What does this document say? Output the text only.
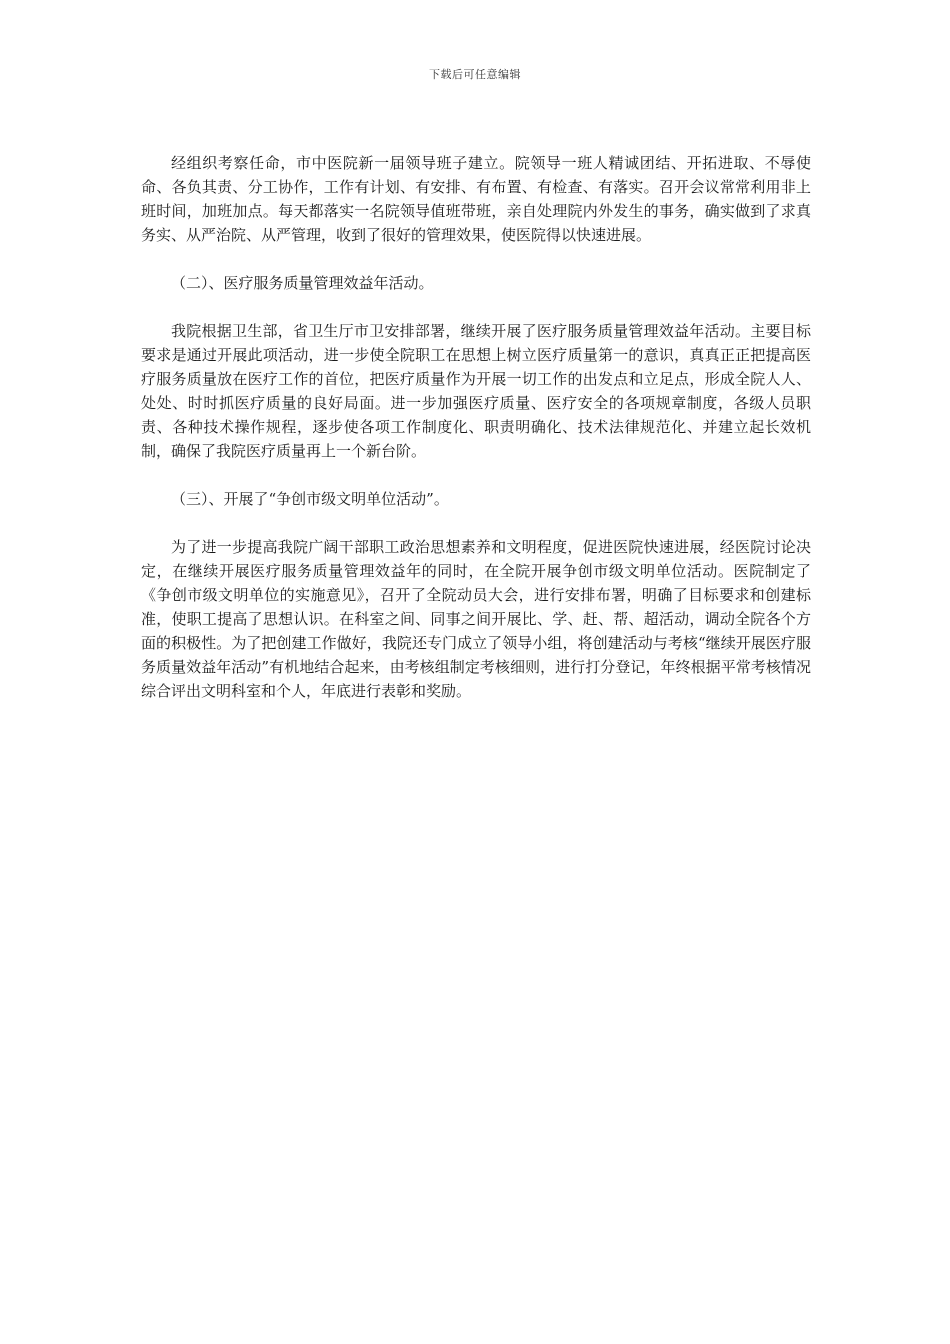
下载后可任意编辑

经组织考察任命，市中医院新一届领导班子建立。院领导一班人精诚团结、开拓进取、不辱使命、各负其责、分工协作，工作有计划、有安排、有布置、有检查、有落实。召开会议常常利用非上班时间，加班加点。每天都落实一名院领导值班带班，亲自处理院内外发生的事务，确实做到了求真务实、从严治院、从严管理，收到了很好的管理效果，使医院得以快速进展。

（二）、医疗服务质量管理效益年活动。

我院根据卫生部，省卫生厅市卫安排部署，继续开展了医疗服务质量管理效益年活动。主要目标要求是通过开展此项活动，进一步使全院职工在思想上树立医疗质量第一的意识，真真正正把提高医疗服务质量放在医疗工作的首位，把医疗质量作为开展一切工作的出发点和立足点，形成全院人人、处处、时时抓医疗质量的良好局面。进一步加强医疗质量、医疗安全的各项规章制度，各级人员职责、各种技术操作规程，逐步使各项工作制度化、职责明确化、技术法律规范化、并建立起长效机制，确保了我院医疗质量再上一个新台阶。

（三）、开展了“争创市级文明单位活动”。

为了进一步提高我院广阔干部职工政治思想素养和文明程度，促进医院快速进展，经医院讨论决定，在继续开展医疗服务质量管理效益年的同时，在全院开展争创市级文明单位活动。医院制定了《争创市级文明单位的实施意见》，召开了全院动员大会，进行安排布署，明确了目标要求和创建标准，使职工提高了思想认识。在科室之间、同事之间开展比、学、赶、帮、超活动，调动全院各个方面的积极性。为了把创建工作做好，我院还专门成立了领导小组，将创建活动与考核“继续开展医疗服务质量效益年活动”有机地结合起来，由考核组制定考核细则，进行打分登记，年终根据平常考核情况综合评出文明科室和个人，年底进行表彰和奖励。
